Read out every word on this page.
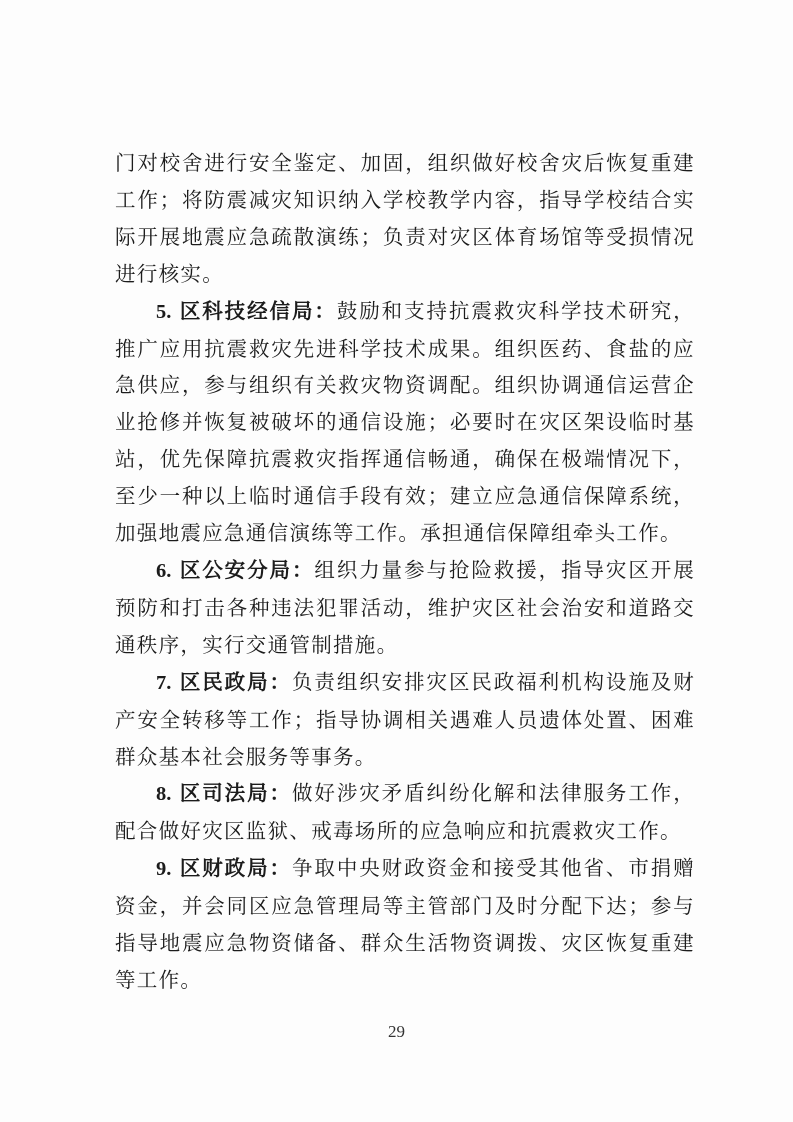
门对校舍进行安全鉴定、加固，组织做好校舍灾后恢复重建工作；将防震减灾知识纳入学校教学内容，指导学校结合实际开展地震应急疏散演练；负责对灾区体育场馆等受损情况进行核实。

5. 区科技经信局：鼓励和支持抗震救灾科学技术研究，推广应用抗震救灾先进科学技术成果。组织医药、食盐的应急供应，参与组织有关救灾物资调配。组织协调通信运营企业抢修并恢复被破坏的通信设施；必要时在灾区架设临时基站，优先保障抗震救灾指挥通信畅通，确保在极端情况下，至少一种以上临时通信手段有效；建立应急通信保障系统，加强地震应急通信演练等工作。承担通信保障组牵头工作。

6. 区公安分局：组织力量参与抢险救援，指导灾区开展预防和打击各种违法犯罪活动，维护灾区社会治安和道路交通秩序，实行交通管制措施。

7. 区民政局：负责组织安排灾区民政福利机构设施及财产安全转移等工作；指导协调相关遇难人员遗体处置、困难群众基本社会服务等事务。

8. 区司法局：做好涉灾矛盾纠纷化解和法律服务工作，配合做好灾区监狱、戒毒场所的应急响应和抗震救灾工作。

9. 区财政局：争取中央财政资金和接受其他省、市捐赠资金，并会同区应急管理局等主管部门及时分配下达；参与指导地震应急物资储备、群众生活物资调拨、灾区恢复重建等工作。

29
